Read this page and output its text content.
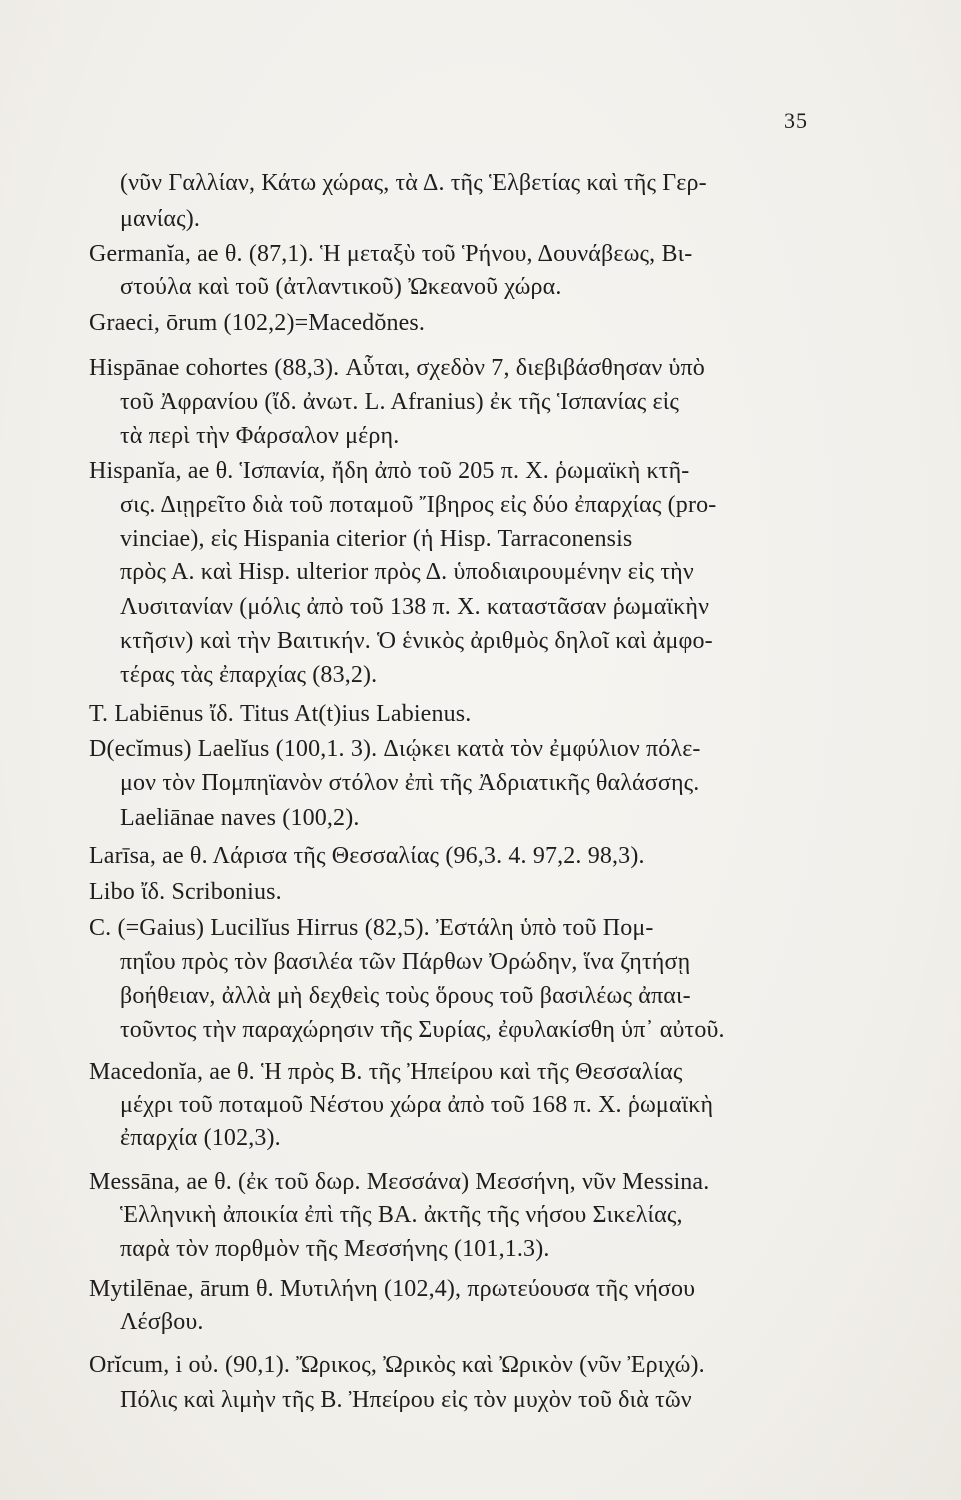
35
(νῦν Γαλλίαν, Κάτω χώρας, τὰ Δ. τῆς Ἑλβετίας καὶ τῆς Γερ-
μανίας).
Germanĭa, ae θ. (87,1). Ἡ μεταξὺ τοῦ Ῥήνου, Δουνάβεως, Βι-
στούλα καὶ τοῦ (ἀτλαντικοῦ) Ὠκεανοῦ χώρα.
Graeci, ōrum (102,2)=Macedŏnes.
Hispānae cohortes (88,3). Αὗται, σχεδὸν 7, διεβιβάσθησαν ὑπὸ
τοῦ Ἀφρανίου (ἴδ. ἀνωτ. L. Afranius) ἐκ τῆς Ἱσπανίας εἰς
τὰ περὶ τὴν Φάρσαλον μέρη.
Hispanĭa, ae θ. Ἱσπανία, ἤδη ἀπὸ τοῦ 205 π. Χ. ῥωμαϊκὴ κτῆ-
σις. Διῃρεῖτο διὰ τοῦ ποταμοῦ Ἴβηρος εἰς δύο ἐπαρχίας (pro-
vinciae), εἰς Hispania citerior (ἡ Hisp. Tarraconensis
πρὸς Α. καὶ Hisp. ulterior πρὸς Δ. ὑποδιαιρουμένην εἰς τὴν
Λυσιτανίαν (μόλις ἀπὸ τοῦ 138 π. Χ. καταστᾶσαν ῥωμαϊκὴν
κτῆσιν) καὶ τὴν Βαιτικήν. Ὁ ἑνικὸς ἀριθμὸς δηλοῖ καὶ ἀμφο-
τέρας τὰς ἐπαρχίας (83,2).
T. Labiēnus ἴδ. Titus At(t)ius Labienus.
D(ecĭmus) Laelĭus (100,1. 3). Διῴκει κατὰ τὸν ἐμφύλιον πόλε-
μον τὸν Πομπηϊανὸν στόλον ἐπὶ τῆς Ἀδριατικῆς θαλάσσης.
Laeliānae naves (100,2).
Larīsa, ae θ. Λάρισα τῆς Θεσσαλίας (96,3. 4. 97,2. 98,3).
Libo ἴδ. Scribonius.
C. (=Gaius) Lucilĭus Hirrus (82,5). Ἐστάλη ὑπὸ τοῦ Πομ-
πηΐου πρὸς τὸν βασιλέα τῶν Πάρθων Ὀρώδην, ἵνα ζητήσῃ
βοήθειαν, ἀλλὰ μὴ δεχθεὶς τοὺς ὅρους τοῦ βασιλέως ἀπαι-
τοῦντος τὴν παραχώρησιν τῆς Συρίας, ἐφυλακίσθη ὑπ᾽ αὐτοῦ.
Macedonĭa, ae θ. Ἡ πρὸς Β. τῆς Ἠπείρου καὶ τῆς Θεσσαλίας
μέχρι τοῦ ποταμοῦ Νέστου χώρα ἀπὸ τοῦ 168 π. Χ. ῥωμαϊκὴ
ἐπαρχία (102,3).
Messāna, ae θ. (ἐκ τοῦ δωρ. Μεσσάνα) Μεσσήνη, νῦν Messina.
Ἑλληνικὴ ἀποικία ἐπὶ τῆς ΒΑ. ἀκτῆς τῆς νήσου Σικελίας,
παρὰ τὸν πορθμὸν τῆς Μεσσήνης (101,1.3).
Mytilēnae, ārum θ. Μυτιλήνη (102,4), πρωτεύουσα τῆς νήσου
Λέσβου.
Orĭcum, i οὐ. (90,1). Ὤρικος, Ὠρικὸς καὶ Ὠρικὸν (νῦν Ἐριχώ).
Πόλις καὶ λιμὴν τῆς Β. Ἠπείρου εἰς τὸν μυχὸν τοῦ διὰ τῶν
